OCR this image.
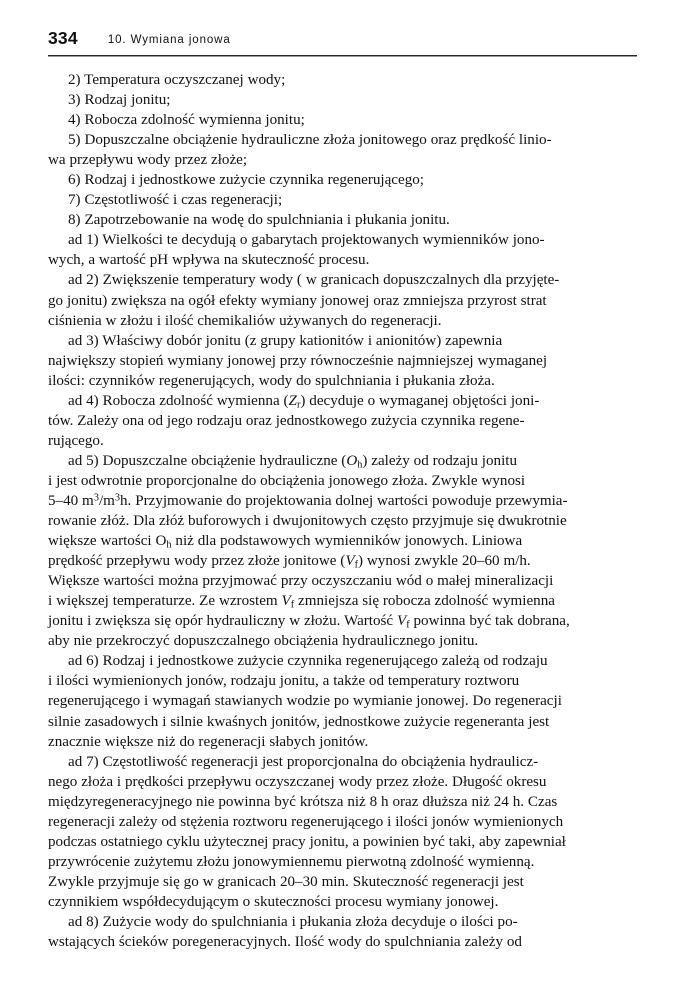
334	10. Wymiana jonowa

2) Temperatura oczyszczanej wody;

3) Rodzaj jonitu;

4) Robocza zdolność wymienna jonitu;

5) Dopuszczalne obciążenie hydrauliczne złoża jonitowego oraz prędkość linio-

wa przepływu wody przez złoże;

6) Rodzaj i jednostkowe zużycie czynnika regenerującego;

7) Częstotliwość i czas regeneracji;

8) Zapotrzebowanie na wodę do spulchniania i płukania jonitu.

ad 1) Wielkości te decydują o gabarytach projektowanych wymienników jono-

wych, a wartość pH wpływa na skuteczność procesu.

ad 2) Zwiększenie temperatury wody ( w granicach dopuszczalnych dla przyjęte-

go jonitu) zwiększa na ogół efekty wymiany jonowej oraz zmniejsza przyrost strat

ciśnienia w złożu i ilość chemikaliów używanych do regeneracji.

ad 3) Właściwy dobór jonitu (z grupy kationitów i anionitów) zapewnia

największy stopień wymiany jonowej przy równocześnie najmniejszej wymaganej

ilości: czynników regenerujących, wody do spulchniania i płukania złoża.

ad 4) Robocza zdolność wymienna $(Z_r)$ decyduje o wymaganej objętości joni-

tów. Zależy ona od jego rodzaju oraz jednostkowego zużycia czynnika regene-

rującego.

ad 5) Dopuszczalne obciążenie hydrauliczne $(O_h)$ zależy od rodzaju jonitu

i jest odwrotnie proporcjonalne do obciążenia jonowego złoża. Zwykle wynosi

5–40 $m^3/m^3h$. Przyjmowanie do projektowania dolnej wartości powoduje przewymia-

rowanie złóż. Dla złóż buforowych i dwujonitowych często przyjmuje się dwukrotnie

większe wartości $O_h$ niż dla podstawowych wymienników jonowych. Liniowa

prędkość przepływu wody przez złoże jonitowe $(V_f)$ wynosi zwykle 20–60 m/h.

Większe wartości można przyjmować przy oczyszczaniu wód o małej mineralizacji

i większej temperaturze. Ze wzrostem $V_f$ zmniejsza się robocza zdolność wymienna

jonitu i zwiększa się opór hydrauliczny w złożu. Wartość $V_f$ powinna być tak dobrana,

aby nie przekroczyć dopuszczalnego obciążenia hydraulicznego jonitu.

ad 6) Rodzaj i jednostkowe zużycie czynnika regenerującego zależą od rodzaju

i ilości wymienionych jonów, rodzaju jonitu, a także od temperatury roztworu

regenerującego i wymagań stawianych wodzie po wymianie jonowej. Do regeneracji

silnie zasadowych i silnie kwaśnych jonitów, jednostkowe zużycie regeneranta jest

znacznie większe niż do regeneracji słabych jonitów.

ad 7) Częstotliwość regeneracji jest proporcjonalna do obciążenia hydraulicz-

nego złoża i prędkości przepływu oczyszczanej wody przez złoże. Długość okresu

międzyregeneracyjnego nie powinna być krótsza niż 8 h oraz dłuższa niż 24 h. Czas

regeneracji zależy od stężenia roztworu regenerującego i ilości jonów wymienionych

podczas ostatniego cyklu użytecznej pracy jonitu, a powinien być taki, aby zapewniał

przywrócenie zużytemu złożu jonowymiennemu pierwotną zdolność wymienną.

Zwykle przyjmuje się go w granicach 20–30 min. Skuteczność regeneracji jest

czynnikiem współdecydującym o skuteczności procesu wymiany jonowej.

ad 8) Zużycie wody do spulchniania i płukania złoża decyduje o ilości po-

wstających ścieków poregeneracyjnych. Ilość wody do spulchniania zależy od
